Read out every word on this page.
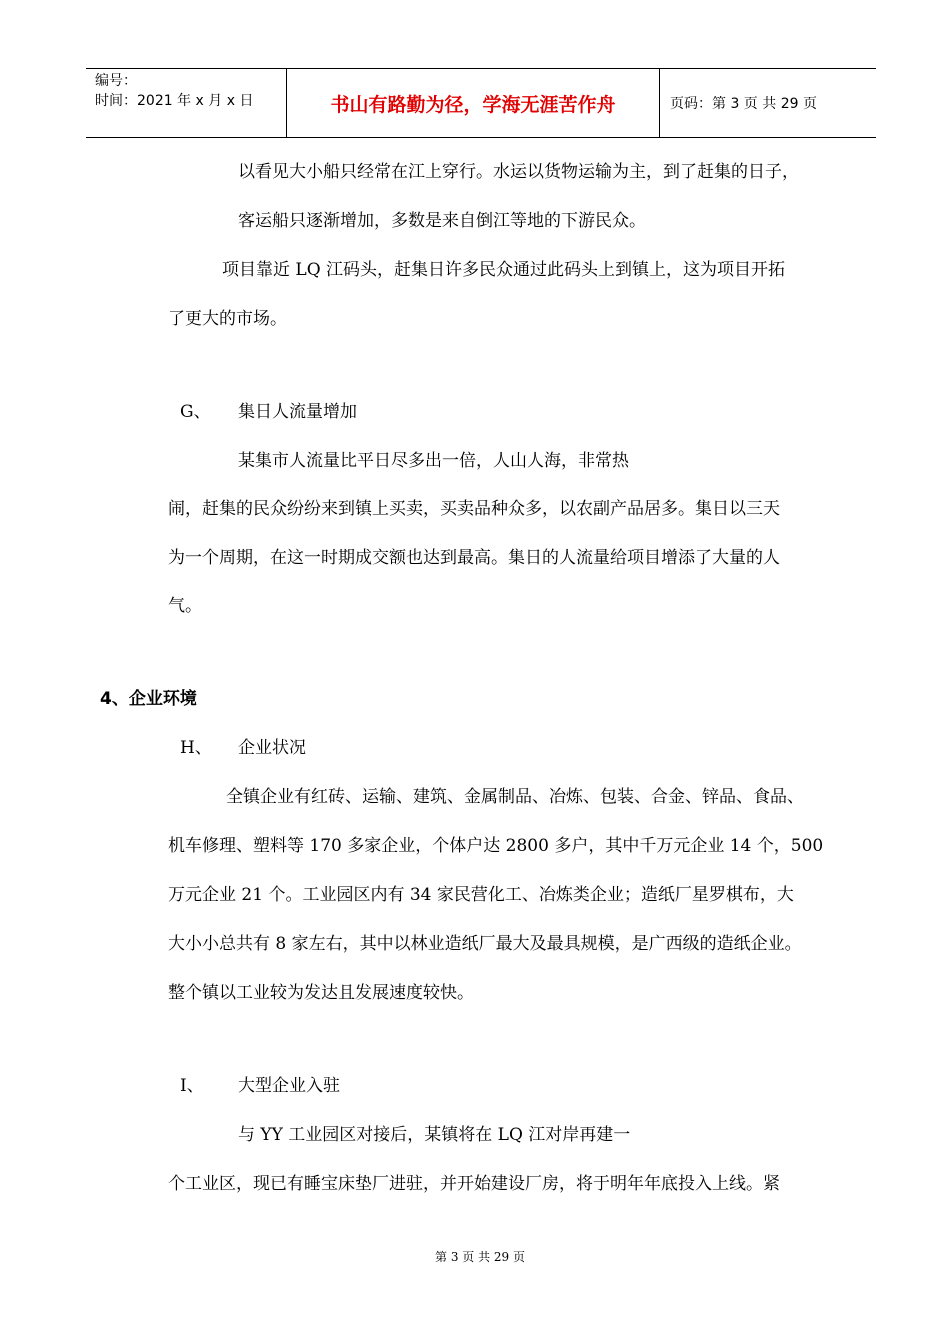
编号：
时间：2021 年 x 月 x 日	书山有路勤为径，学海无涯苦作舟	页码：第 3 页 共 29 页
以看见大小船只经常在江上穿行。水运以货物运输为主，到了赶集的日子，
客运船只逐渐增加，多数是来自倒江等地的下游民众。
项目靠近 LQ 江码头，赶集日许多民众通过此码头上到镇上，这为项目开拓
了更大的市场。
G、 集日人流量增加
某集市人流量比平日尽多出一倍，人山人海，非常热
闹，赶集的民众纷纷来到镇上买卖，买卖品种众多，以农副产品居多。集日以三天
为一个周期，在这一时期成交额也达到最高。集日的人流量给项目增添了大量的人
气。
4、企业环境
H、 企业状况
全镇企业有红砖、运输、建筑、金属制品、冶炼、包装、合金、锌品、食品、
机车修理、塑料等 170 多家企业，个体户达 2800 多户，其中千万元企业 14 个，500
万元企业 21 个。工业园区内有 34 家民营化工、冶炼类企业；造纸厂星罗棋布，大
大小小总共有 8 家左右，其中以林业造纸厂最大及最具规模，是广西级的造纸企业。
整个镇以工业较为发达且发展速度较快。
I、 大型企业入驻
与 YY 工业园区对接后，某镇将在 LQ 江对岸再建一
个工业区，现已有睡宝床垫厂进驻，并开始建设厂房，将于明年年底投入上线。紧
第 3 页 共 29 页
